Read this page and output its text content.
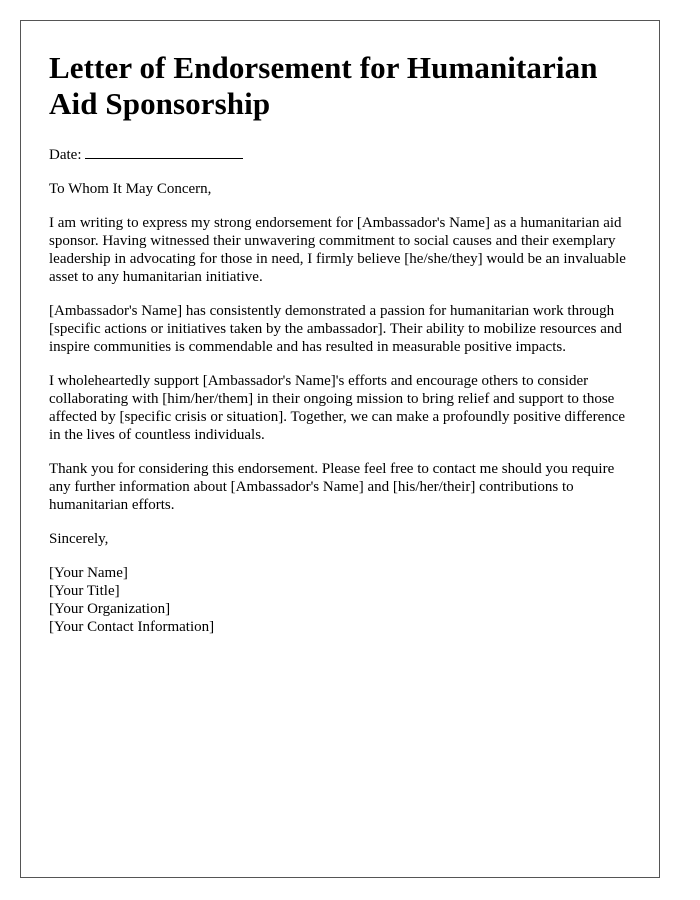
Letter of Endorsement for Humanitarian Aid Sponsorship
Date:

To Whom It May Concern,

I am writing to express my strong endorsement for [Ambassador's Name] as a humanitarian aid sponsor. Having witnessed their unwavering commitment to social causes and their exemplary leadership in advocating for those in need, I firmly believe [he/she/they] would be an invaluable asset to any humanitarian initiative.

[Ambassador's Name] has consistently demonstrated a passion for humanitarian work through [specific actions or initiatives taken by the ambassador]. Their ability to mobilize resources and inspire communities is commendable and has resulted in measurable positive impacts.

I wholeheartedly support [Ambassador's Name]'s efforts and encourage others to consider collaborating with [him/her/them] in their ongoing mission to bring relief and support to those affected by [specific crisis or situation]. Together, we can make a profoundly positive difference in the lives of countless individuals.

Thank you for considering this endorsement. Please feel free to contact me should you require any further information about [Ambassador's Name] and [his/her/their] contributions to humanitarian efforts.

Sincerely,

[Your Name]
[Your Title]
[Your Organization]
[Your Contact Information]
